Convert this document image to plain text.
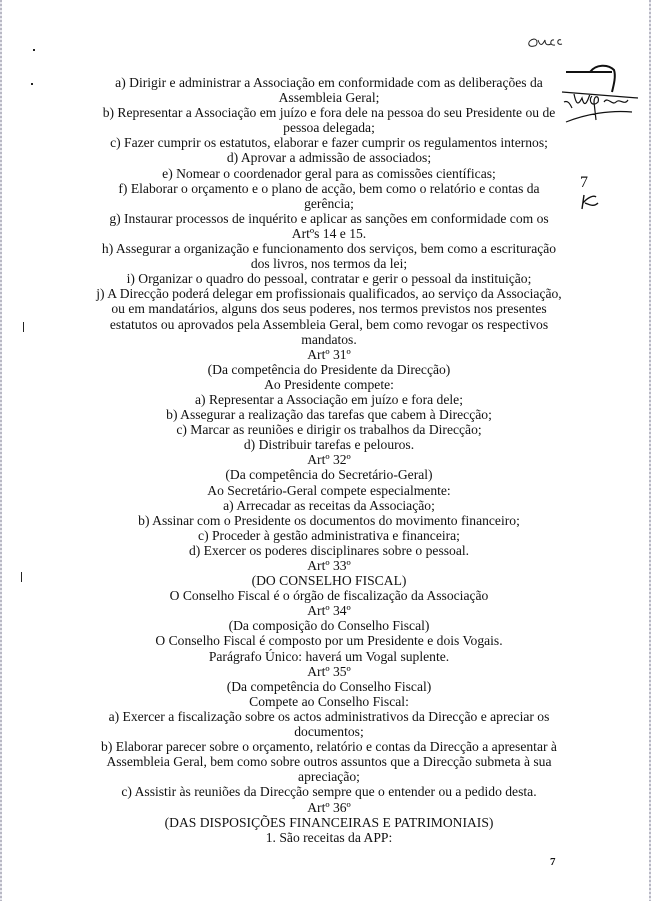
7
a) Dirigir e administrar a Associação em conformidade com as deliberações da Assembleia Geral;
b) Representar a Associação em juízo e fora dele na pessoa do seu Presidente ou de pessoa delegada;
c) Fazer cumprir os estatutos, elaborar e fazer cumprir os regulamentos internos;
d) Aprovar a admissão de associados;
e) Nomear o coordenador geral para as comissões científicas;
f) Elaborar o orçamento e o plano de acção, bem como o relatório e contas da gerência;
g) Instaurar processos de inquérito e aplicar as sanções em conformidade com os Artºs 14 e 15.
h) Assegurar a organização e funcionamento dos serviços, bem como a escrituração dos livros, nos termos da lei;
i) Organizar o quadro do pessoal, contratar e gerir o pessoal da instituição;
j) A Direcção poderá delegar em profissionais qualificados, ao serviço da Associação, ou em mandatários, alguns dos seus poderes, nos termos previstos nos presentes estatutos ou aprovados pela Assembleia Geral, bem como revogar os respectivos mandatos.
Artº 31º
(Da competência do Presidente da Direcção)
Ao Presidente compete:
a) Representar a Associação em juízo e fora dele;
b) Assegurar a realização das tarefas que cabem à Direcção;
c) Marcar as reuniões e dirigir os trabalhos da Direcção;
d) Distribuir tarefas e pelouros.
Artº 32º
(Da competência do Secretário-Geral)
Ao Secretário-Geral compete especialmente:
a) Arrecadar as receitas da Associação;
b) Assinar com o Presidente os documentos do movimento financeiro;
c) Proceder à gestão administrativa e financeira;
d) Exercer os poderes disciplinares sobre o pessoal.
Artº 33º
(DO CONSELHO FISCAL)
O Conselho Fiscal é o órgão de fiscalização da Associação
Artº 34º
(Da composição do Conselho Fiscal)
O Conselho Fiscal é composto por um Presidente e dois Vogais.
Parágrafo Único: haverá um Vogal suplente.
Artº 35º
(Da competência do Conselho Fiscal)
Compete ao Conselho Fiscal:
a) Exercer a fiscalização sobre os actos administrativos da Direcção e apreciar os documentos;
b) Elaborar parecer sobre o orçamento, relatório e contas da Direcção a apresentar à Assembleia Geral, bem como sobre outros assuntos que a Direcção submeta à sua apreciação;
c) Assistir às reuniões da Direcção sempre que o entender ou a pedido desta.
Artº 36º
(DAS DISPOSIÇÕES FINANCEIRAS E PATRIMONIAIS)
1. São receitas da APP:
7
